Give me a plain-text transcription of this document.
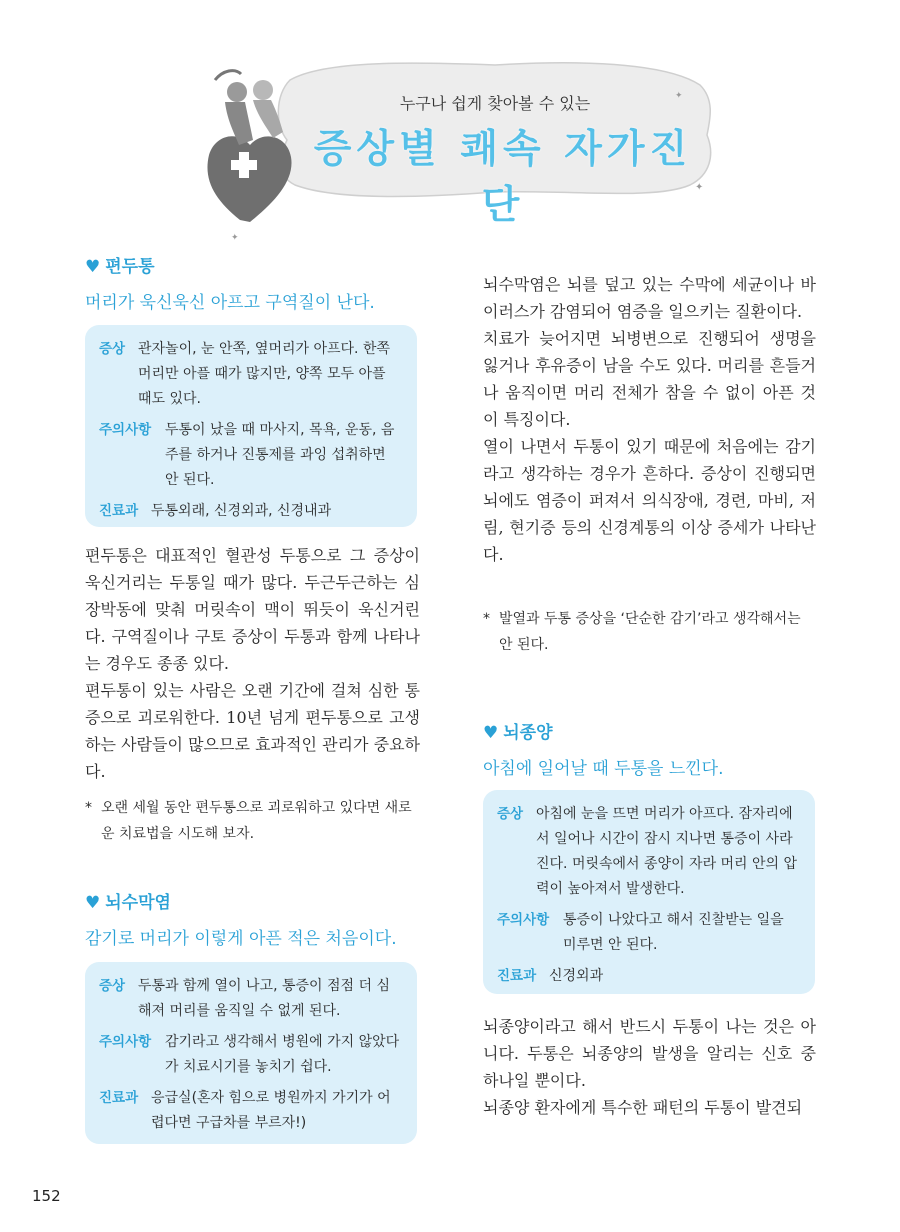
✦
✦
✦
누구나 쉽게 찾아볼 수 있는
증상별 쾌속 자가진단
♥ 편두통
머리가 욱신욱신 아프고 구역질이 난다.
증상 관자놀이, 눈 안쪽, 옆머리가 아프다. 한쪽 머리만 아플 때가 많지만, 양쪽 모두 아플 때도 있다.
주의사항 두통이 났을 때 마사지, 목욕, 운동, 음주를 하거나 진통제를 과잉 섭취하면 안 된다.
진료과 두통외래, 신경외과, 신경내과

편두통은 대표적인 혈관성 두통으로 그 증상이 욱신거리는 두통일 때가 많다. 두근두근하는 심장박동에 맞춰 머릿속이 맥이 뛰듯이 욱신거린다. 구역질이나 구토 증상이 두통과 함께 나타나는 경우도 종종 있다.

편두통이 있는 사람은 오랜 기간에 걸쳐 심한 통증으로 괴로워한다. 10년 넘게 편두통으로 고생하는 사람들이 많으므로 효과적인 관리가 중요하다.

* 오랜 세월 동안 편두통으로 괴로워하고 있다면 새로운 치료법을 시도해 보자.
♥ 뇌수막염
감기로 머리가 이렇게 아픈 적은 처음이다.
증상 두통과 함께 열이 나고, 통증이 점점 더 심해져 머리를 움직일 수 없게 된다.
주의사항 감기라고 생각해서 병원에 가지 않았다가 치료시기를 놓치기 쉽다.
진료과 응급실(혼자 힘으로 병원까지 가기가 어렵다면 구급차를 부르자!)

뇌수막염은 뇌를 덮고 있는 수막에 세균이나 바이러스가 감염되어 염증을 일으키는 질환이다.

치료가 늦어지면 뇌병변으로 진행되어 생명을 잃거나 후유증이 남을 수도 있다. 머리를 흔들거나 움직이면 머리 전체가 참을 수 없이 아픈 것이 특징이다.

열이 나면서 두통이 있기 때문에 처음에는 감기라고 생각하는 경우가 흔하다. 증상이 진행되면 뇌에도 염증이 퍼져서 의식장애, 경련, 마비, 저림, 현기증 등의 신경계통의 이상 증세가 나타난다.

* 발열과 두통 증상을 ‘단순한 감기’라고 생각해서는 안 된다.
♥ 뇌종양
아침에 일어날 때 두통을 느낀다.
증상 아침에 눈을 뜨면 머리가 아프다. 잠자리에서 일어나 시간이 잠시 지나면 통증이 사라진다. 머릿속에서 종양이 자라 머리 안의 압력이 높아져서 발생한다.
주의사항 통증이 나았다고 해서 진찰받는 일을 미루면 안 된다.
진료과 신경외과

뇌종양이라고 해서 반드시 두통이 나는 것은 아니다. 두통은 뇌종양의 발생을 알리는 신호 중 하나일 뿐이다.

뇌종양 환자에게 특수한 패턴의 두통이 발견되

152
